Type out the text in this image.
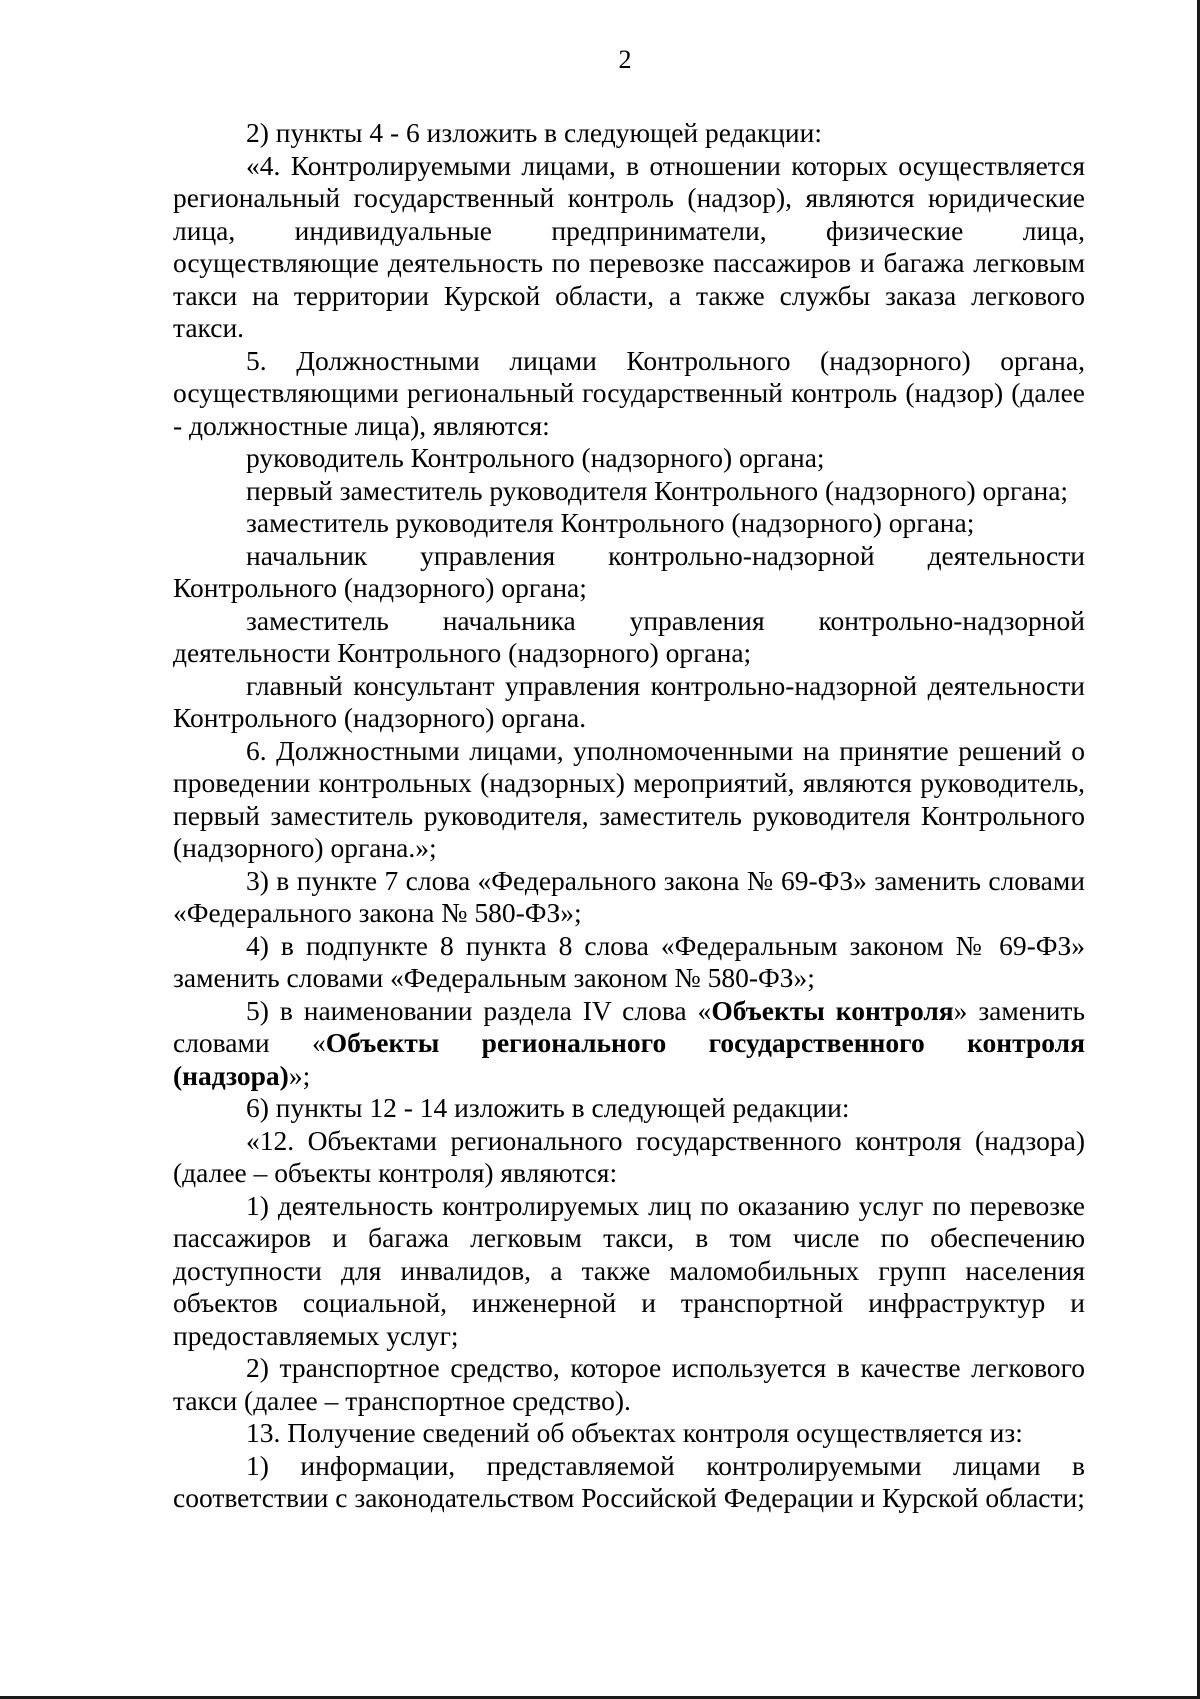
2

2) пункты 4 - 6 изложить в следующей редакции:

«4. Контролируемыми лицами, в отношении которых осуществляется региональный государственный контроль (надзор), являются юридические лица, индивидуальные предприниматели, физические лица, осуществляющие деятельность по перевозке пассажиров и багажа легковым такси на территории Курской области, а также службы заказа легкового такси.

5. Должностными лицами Контрольного (надзорного) органа, осуществляющими региональный государственный контроль (надзор) (далее - должностные лица), являются:

руководитель Контрольного (надзорного) органа;

первый заместитель руководителя Контрольного (надзорного) органа;

заместитель руководителя Контрольного (надзорного) органа;

начальник управления контрольно-надзорной деятельности Контрольного (надзорного) органа;

заместитель начальника управления контрольно-надзорной деятельности Контрольного (надзорного) органа;

главный консультант управления контрольно-надзорной деятельности Контрольного (надзорного) органа.

6. Должностными лицами, уполномоченными на принятие решений о проведении контрольных (надзорных) мероприятий, являются руководитель, первый заместитель руководителя, заместитель руководителя Контрольного (надзорного) органа.»;

3) в пункте 7 слова «Федерального закона № 69-ФЗ» заменить словами «Федерального закона № 580-ФЗ»;

4) в подпункте 8 пункта 8 слова «Федеральным законом № 69-ФЗ» заменить словами «Федеральным законом № 580-ФЗ»;

5) в наименовании раздела IV слова «Объекты контроля» заменить словами «Объекты регионального государственного контроля (надзора)»;

6) пункты 12 - 14 изложить в следующей редакции:

«12. Объектами регионального государственного контроля (надзора) (далее – объекты контроля) являются:

1) деятельность контролируемых лиц по оказанию услуг по перевозке пассажиров и багажа легковым такси, в том числе по обеспечению доступности для инвалидов, а также маломобильных групп населения объектов социальной, инженерной и транспортной инфраструктур и предоставляемых услуг;

2) транспортное средство, которое используется в качестве легкового такси (далее – транспортное средство).

13. Получение сведений об объектах контроля осуществляется из:

1) информации, представляемой контролируемыми лицами в соответствии с законодательством Российской Федерации и Курской области;
